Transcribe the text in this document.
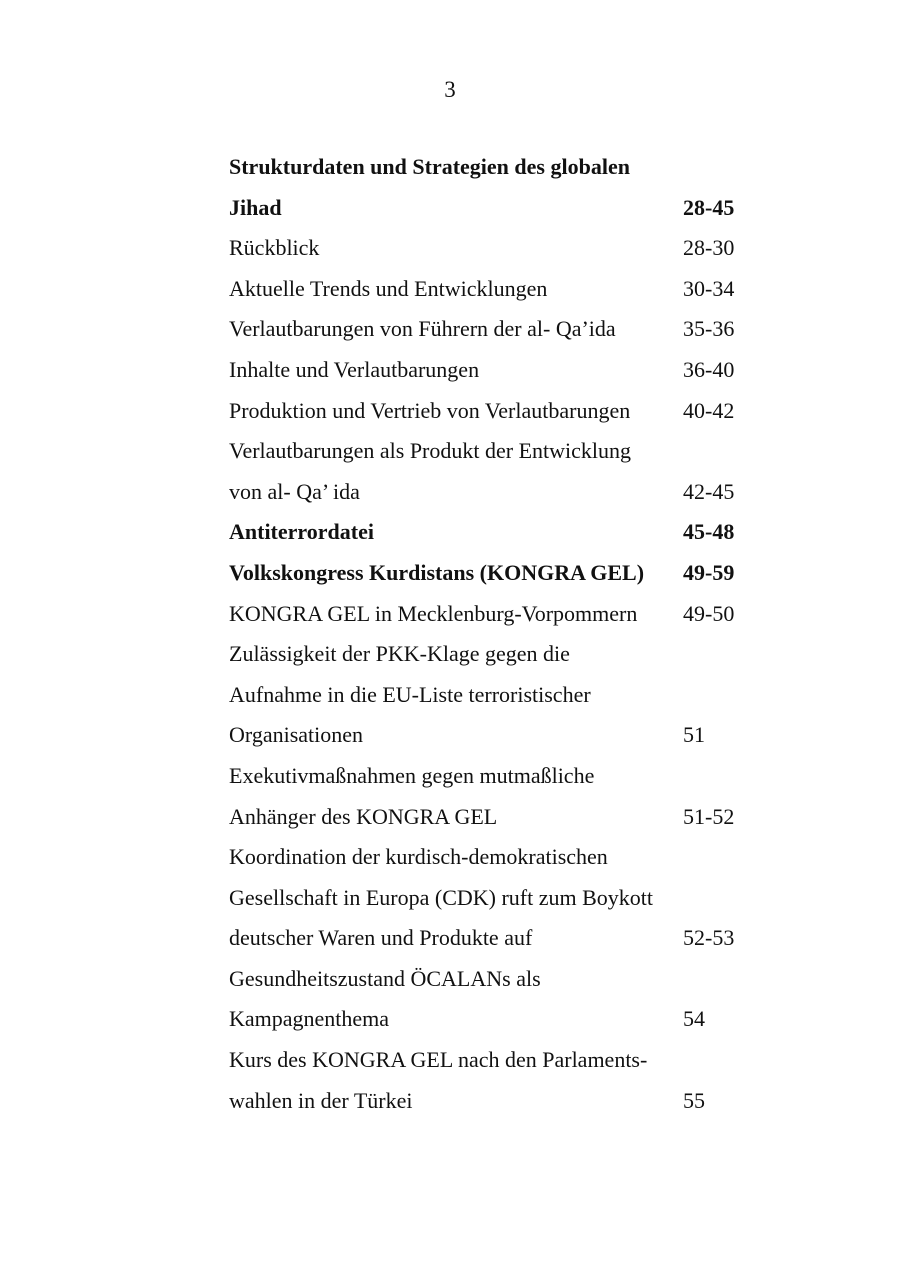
3
Strukturdaten und Strategien des globalen
Jihad	28-45
Rückblick	28-30
Aktuelle Trends und Entwicklungen	30-34
Verlautbarungen von Führern der al- Qa’ida	35-36
Inhalte und Verlautbarungen	36-40
Produktion und Vertrieb von Verlautbarungen 40-42
Verlautbarungen als Produkt der Entwicklung
von al- Qa’ ida	42-45
Antiterrordatei	45-48
Volkskongress Kurdistans (KONGRA GEL) 49-59
KONGRA GEL in Mecklenburg-Vorpommern 49-50
Zulässigkeit der PKK-Klage gegen die
Aufnahme in die EU-Liste terroristischer
Organisationen	51
Exekutivmaßnahmen gegen mutmaßliche
Anhänger des KONGRA GEL	51-52
Koordination der kurdisch-demokratischen
Gesellschaft in Europa (CDK) ruft zum Boykott
deutscher Waren und Produkte auf	52-53
Gesundheitszustand ÖCALANs als
Kampagnenthema	54
Kurs des KONGRA GEL nach den Parlaments-
wahlen in der Türkei	55
